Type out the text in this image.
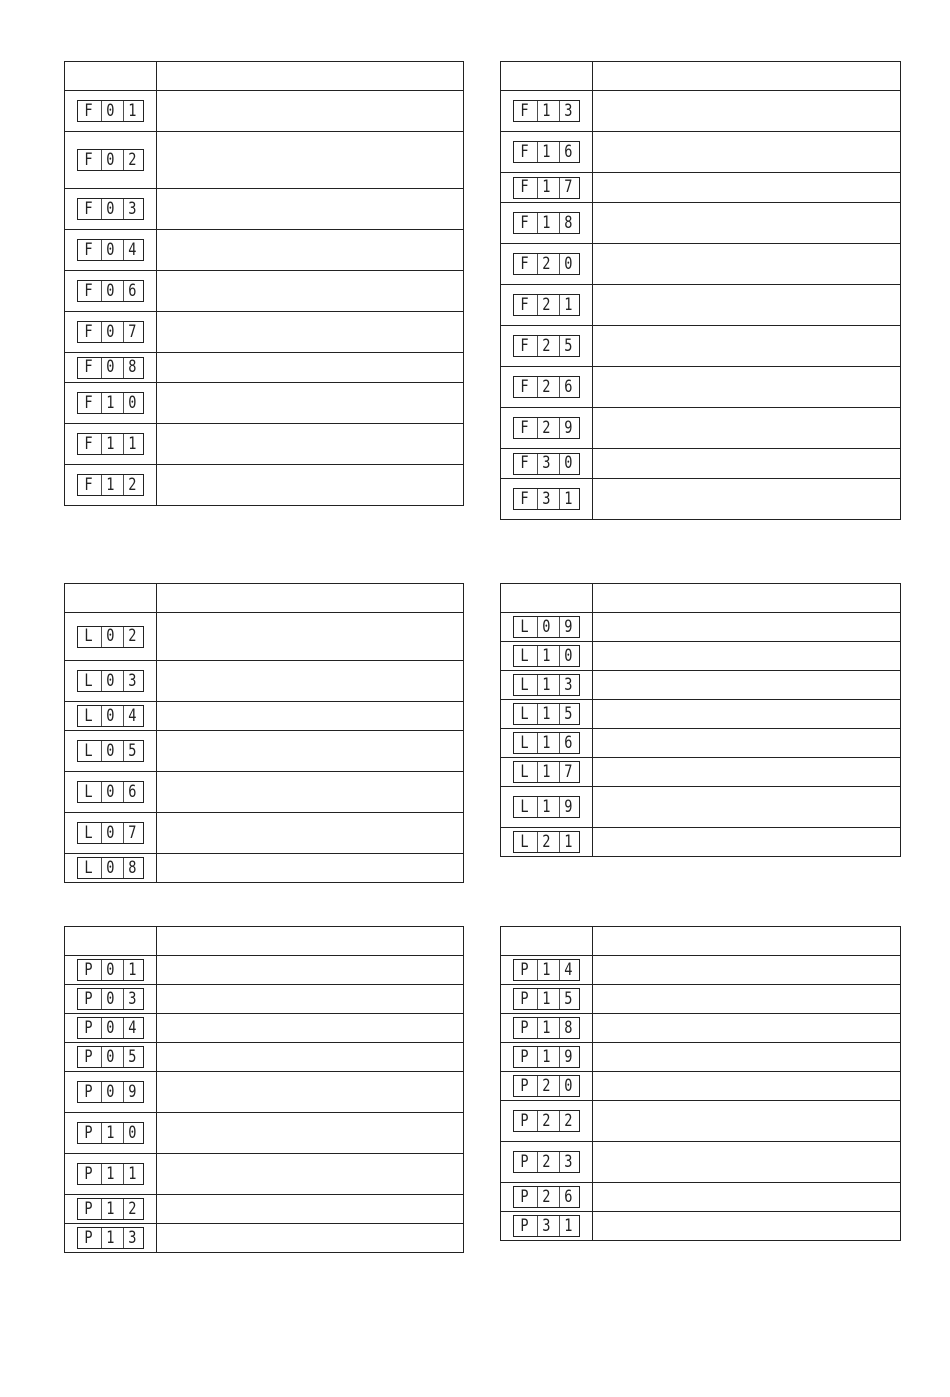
F 0 1	

F 0 2	

F 0 3	

F 0 4	

F 0 6	

F 0 7	

F 0 8	

F 1 0	

F 1 1	

F 1 2	

F 1 3	

F 1 6	

F 1 7	

F 1 8	

F 2 0	

F 2 1	

F 2 5	

F 2 6	

F 2 9	

F 3 0	

F 3 1	

L 0 2	

L 0 3	

L 0 4	

L 0 5	

L 0 6	

L 0 7	

L 0 8	

L 0 9	

L 1 0	

L 1 3	

L 1 5	

L 1 6	

L 1 7	

L 1 9	

L 2 1	

P 0 1	

P 0 3	

P 0 4	

P 0 5	

P 0 9	

P 1 0	

P 1 1	

P 1 2	

P 1 3	

P 1 4	

P 1 5	

P 1 8	

P 1 9	

P 2 0	

P 2 2	

P 2 3	

P 2 6	

P 3 1	
